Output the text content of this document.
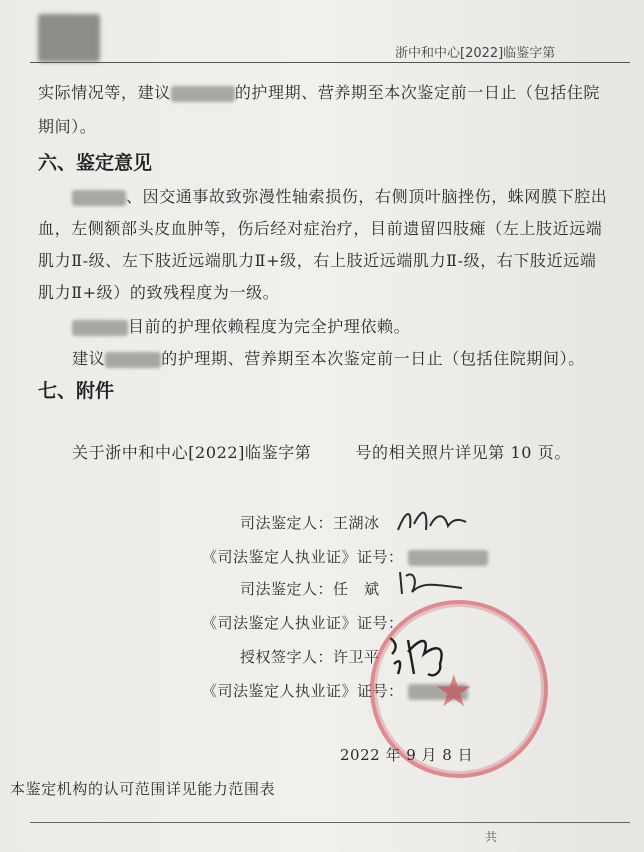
浙中和中心[2022]临鉴字第
实际情况等，建议	的护理期、营养期至本次鉴定前一日止（包括住院
期间）。
六、鉴定意见
、因交通事故致弥漫性轴索损伤，右侧顶叶脑挫伤，蛛网膜下腔出
血，左侧额部头皮血肿等，伤后经对症治疗，目前遗留四肢瘫（左上肢近远端
肌力Ⅱ-级、左下肢近远端肌力Ⅱ+级，右上肢近远端肌力Ⅱ-级，右下肢近远端
肌力Ⅱ+级）的致残程度为一级。
目前的护理依赖程度为完全护理依赖。
建议	的护理期、营养期至本次鉴定前一日止（包括住院期间）。
七、附件
关于浙中和中心[2022]临鉴字第	号的相关照片详见第 10 页。
司法鉴定人：王湖冰
《司法鉴定人执业证》证号：
司法鉴定人：任　斌
《司法鉴定人执业证》证号：
授权签字人：许卫平
《司法鉴定人执业证》证号： ★
2022 年 9 月 8 日
本鉴定机构的认可范围详见能力范围表
共
